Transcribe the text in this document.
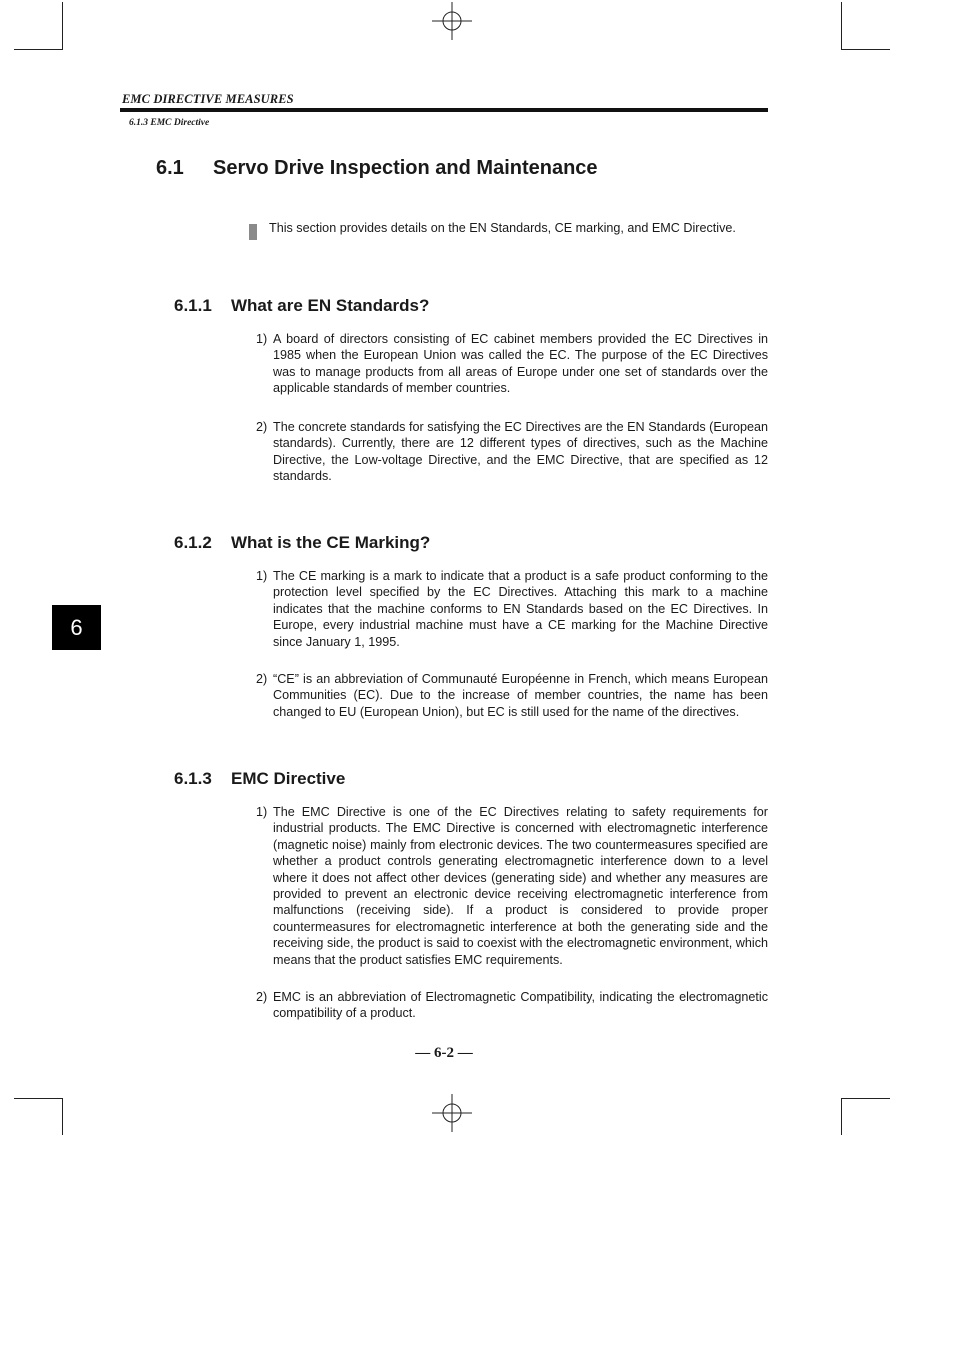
EMC DIRECTIVE MEASURES
6.1.3 EMC Directive
6.1 Servo Drive Inspection and Maintenance
This section provides details on the EN Standards, CE marking, and EMC Directive.
6.1.1 What are EN Standards?
1) A board of directors consisting of EC cabinet members provided the EC Directives in 1985 when the European Union was called the EC. The purpose of the EC Directives was to manage products from all areas of Europe under one set of standards over the applicable standards of member countries.
2) The concrete standards for satisfying the EC Directives are the EN Standards (European standards). Currently, there are 12 different types of directives, such as the Machine Directive, the Low-voltage Directive, and the EMC Directive, that are specified as 12 standards.
6.1.2 What is the CE Marking?
1) The CE marking is a mark to indicate that a product is a safe product conforming to the protection level specified by the EC Directives. Attaching this mark to a machine indicates that the machine conforms to EN Standards based on the EC Directives. In Europe, every industrial machine must have a CE marking for the Machine Directive since January 1, 1995.
2) “CE” is an abbreviation of Communauté Européenne in French, which means European Communities (EC). Due to the increase of member countries, the name has been changed to EU (European Union), but EC is still used for the name of the directives.
6
6.1.3 EMC Directive
1) The EMC Directive is one of the EC Directives relating to safety requirements for industrial products. The EMC Directive is concerned with electromagnetic interference (magnetic noise) mainly from electronic devices. The two countermeasures specified are whether a product controls generating electromagnetic interference down to a level where it does not affect other devices (generating side) and whether any measures are provided to prevent an electronic device receiving electromagnetic interference from malfunctions (receiving side). If a product is considered to provide proper countermeasures for electromagnetic interference at both the generating side and the receiving side, the product is said to coexist with the electromagnetic environment, which means that the product satisfies EMC requirements.
2) EMC is an abbreviation of Electromagnetic Compatibility, indicating the electromagnetic compatibility of a product.
— 6-2 —
